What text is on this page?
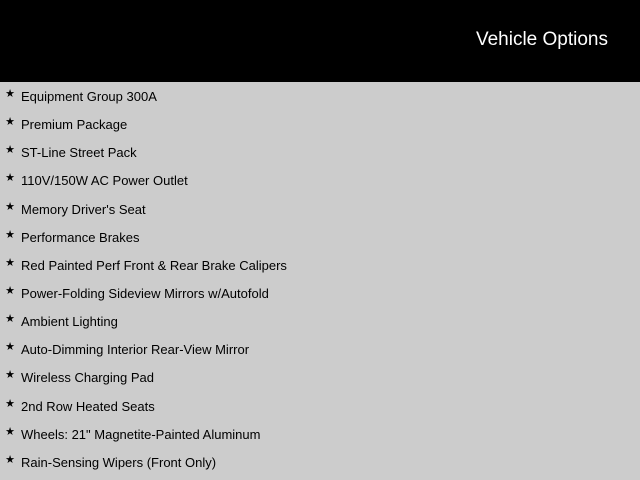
Vehicle Options
★ Equipment Group 300A
★ Premium Package
★ ST-Line Street Pack
★ 110V/150W AC Power Outlet
★ Memory Driver's Seat
★ Performance Brakes
★ Red Painted Perf Front & Rear Brake Calipers
★ Power-Folding Sideview Mirrors w/Autofold
★ Ambient Lighting
★ Auto-Dimming Interior Rear-View Mirror
★ Wireless Charging Pad
★ 2nd Row Heated Seats
★ Wheels: 21" Magnetite-Painted Aluminum
★ Rain-Sensing Wipers (Front Only)
